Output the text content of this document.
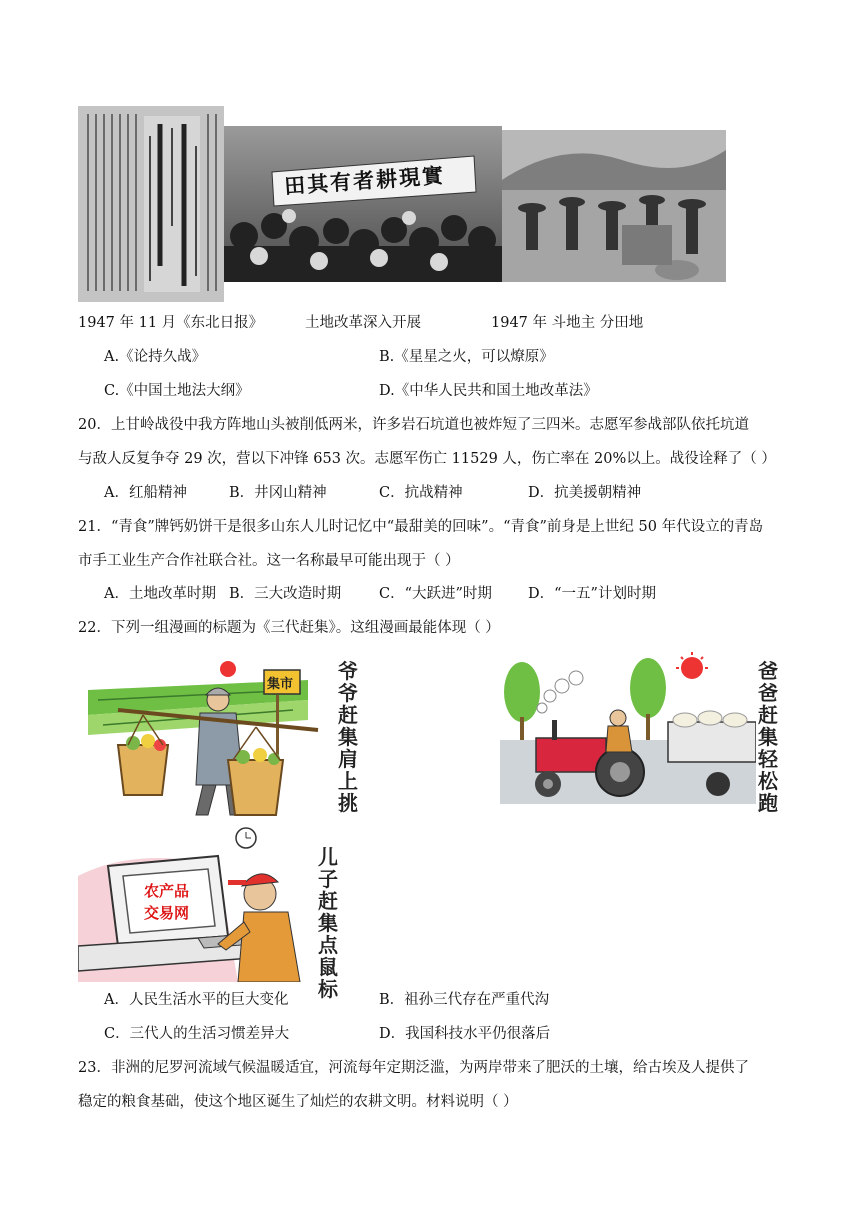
田其有者耕現實
1947 年 11 月《东北日报》	土地改革深入开展	1947 年 斗地主 分田地
A.《论持久战》	B.《星星之火，可以燎原》
C.《中国土地法大纲》	D.《中华人民共和国土地改革法》
20．上甘岭战役中我方阵地山头被削低两米，许多岩石坑道也被炸短了三四米。志愿军参战部队依托坑道
与敌人反复争夺 29 次，营以下冲锋 653 次。志愿军伤亡 11529 人，伤亡率在 20%以上。战役诠释了（ ）
A．红船精神	B．井冈山精神	C．抗战精神	D．抗美援朝精神
21．“青食”牌钙奶饼干是很多山东人儿时记忆中“最甜美的回味”。“青食”前身是上世纪 50 年代设立的青岛
市手工业生产合作社联合社。这一名称最早可能出现于（ ）
A．土地改革时期 B．三大改造时期	C．“大跃进”时期 D．“一五”计划时期
22．下列一组漫画的标题为《三代赶集》。这组漫画最能体现（ ）
集市
爷爷赶集肩上挑
爸爸赶集轻松跑
农产品
交易网
儿子赶集点鼠标
A．人民生活水平的巨大变化	B．祖孙三代存在严重代沟
C．三代人的生活习惯差异大	D．我国科技水平仍很落后
23．非洲的尼罗河流域气候温暖适宜，河流每年定期泛滥，为两岸带来了肥沃的土壤，给古埃及人提供了
稳定的粮食基础，使这个地区诞生了灿烂的农耕文明。材料说明（ ）
